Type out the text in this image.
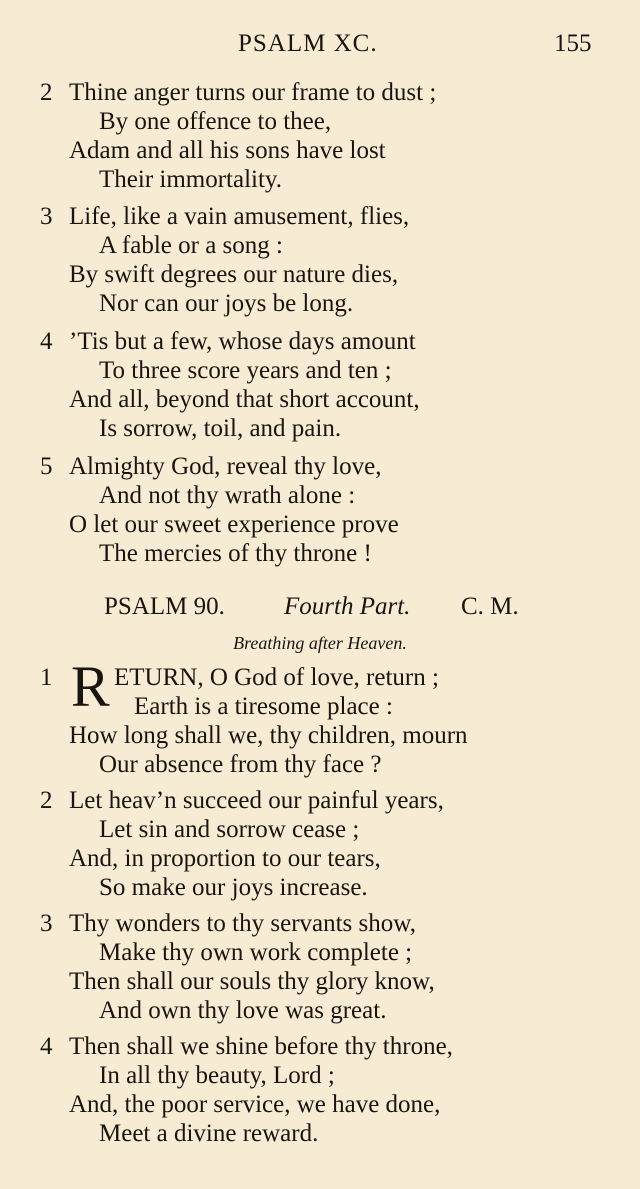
PSALM XC.	155
2 Thine anger turns our frame to dust ;
By one offence to thee,
Adam and all his sons have lost
Their immortality.
3 Life, like a vain amusement, flies,
A fable or a song :
By swift degrees our nature dies,
Nor can our joys be long.
4 ’Tis but a few, whose days amount
To three score years and ten ;
And all, beyond that short account,
Is sorrow, toil, and pain.
5 Almighty God, reveal thy love,
And not thy wrath alone :
O let our sweet experience prove
The mercies of thy throne !
PSALM 90. Fourth Part. C. M.
Breathing after Heaven.
1 ETURN, O God of love, return ;
Earth is a tiresome place :
How long shall we, thy children, mourn
Our absence from thy face ?
R
2 Let heav’n succeed our painful years,
Let sin and sorrow cease ;
And, in proportion to our tears,
So make our joys increase.
3 Thy wonders to thy servants show,
Make thy own work complete ;
Then shall our souls thy glory know,
And own thy love was great.
4 Then shall we shine before thy throne,
In all thy beauty, Lord ;
And, the poor service, we have done,
Meet a divine reward.
